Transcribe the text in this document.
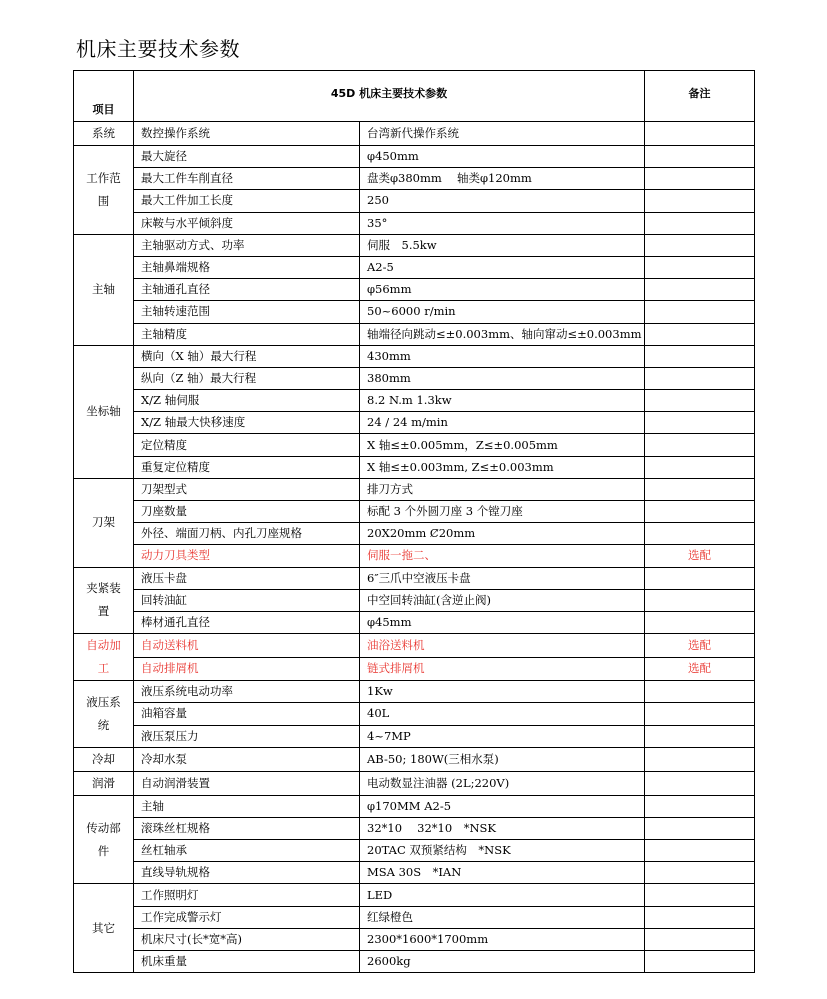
机床主要技术参数
项目	45D 机床主要技术参数		备注
系统	数控操作系统	台湾新代操作系统	
工作范围	最大旋径	φ450mm	
	最大工件车削直径	盘类φ380mm　 轴类φ120mm	
	最大工件加工长度	250	
	床鞍与水平倾斜度	35°	
主轴	主轴驱动方式、功率	伺服　5.5kw	
	主轴鼻端规格	A2-5	
	主轴通孔直径	φ56mm	
	主轴转速范围	50~6000 r/min	
	主轴精度	轴端径向跳动≤±0.003mm、轴向窜动≤±0.003mm	
坐标轴	横向（X 轴）最大行程	430mm	
	纵向（Z 轴）最大行程	380mm	
	X/Z 轴伺服	8.2 N.m 1.3kw	
	X/Z 轴最大快移速度	24 / 24 m/min	
	定位精度	X 轴≤±0.005mm，Z≤±0.005mm	
	重复定位精度	X 轴≤±0.003mm, Z≤±0.003mm	
刀架	刀架型式	排刀方式	
	刀座数量	标配 3 个外圆刀座 3 个镗刀座	
	外径、端面刀柄、内孔刀座规格	20X20mm Ȼ20mm	
	动力刀具类型	伺服一拖二、	选配
夹紧装置	液压卡盘	6″三爪中空液压卡盘	
	回转油缸	中空回转油缸(含逆止阀)	
	棒材通孔直径	φ45mm	
自动加工	自动送料机	油浴送料机	选配
	自动排屑机	链式排屑机	选配
液压系统	液压系统电动功率	1Kw	
	油箱容量	40L	
	液压泵压力	4~7MP	
冷却	冷却水泵	AB-50; 180W(三相水泵)	
润滑	自动润滑装置	电动数显注油器 (2L;220V)	
传动部件	主轴	φ170MM A2-5	
	滚珠丝杠规格	32*10　 32*10　*NSK	
	丝杠轴承	20TAC 双预紧结构　*NSK	
	直线导轨规格	MSA 30S　*IAN	
其它	工作照明灯	LED	
	工作完成警示灯	红绿橙色	
	机床尺寸(长*宽*高)	2300*1600*1700mm	
	机床重量	2600kg	
